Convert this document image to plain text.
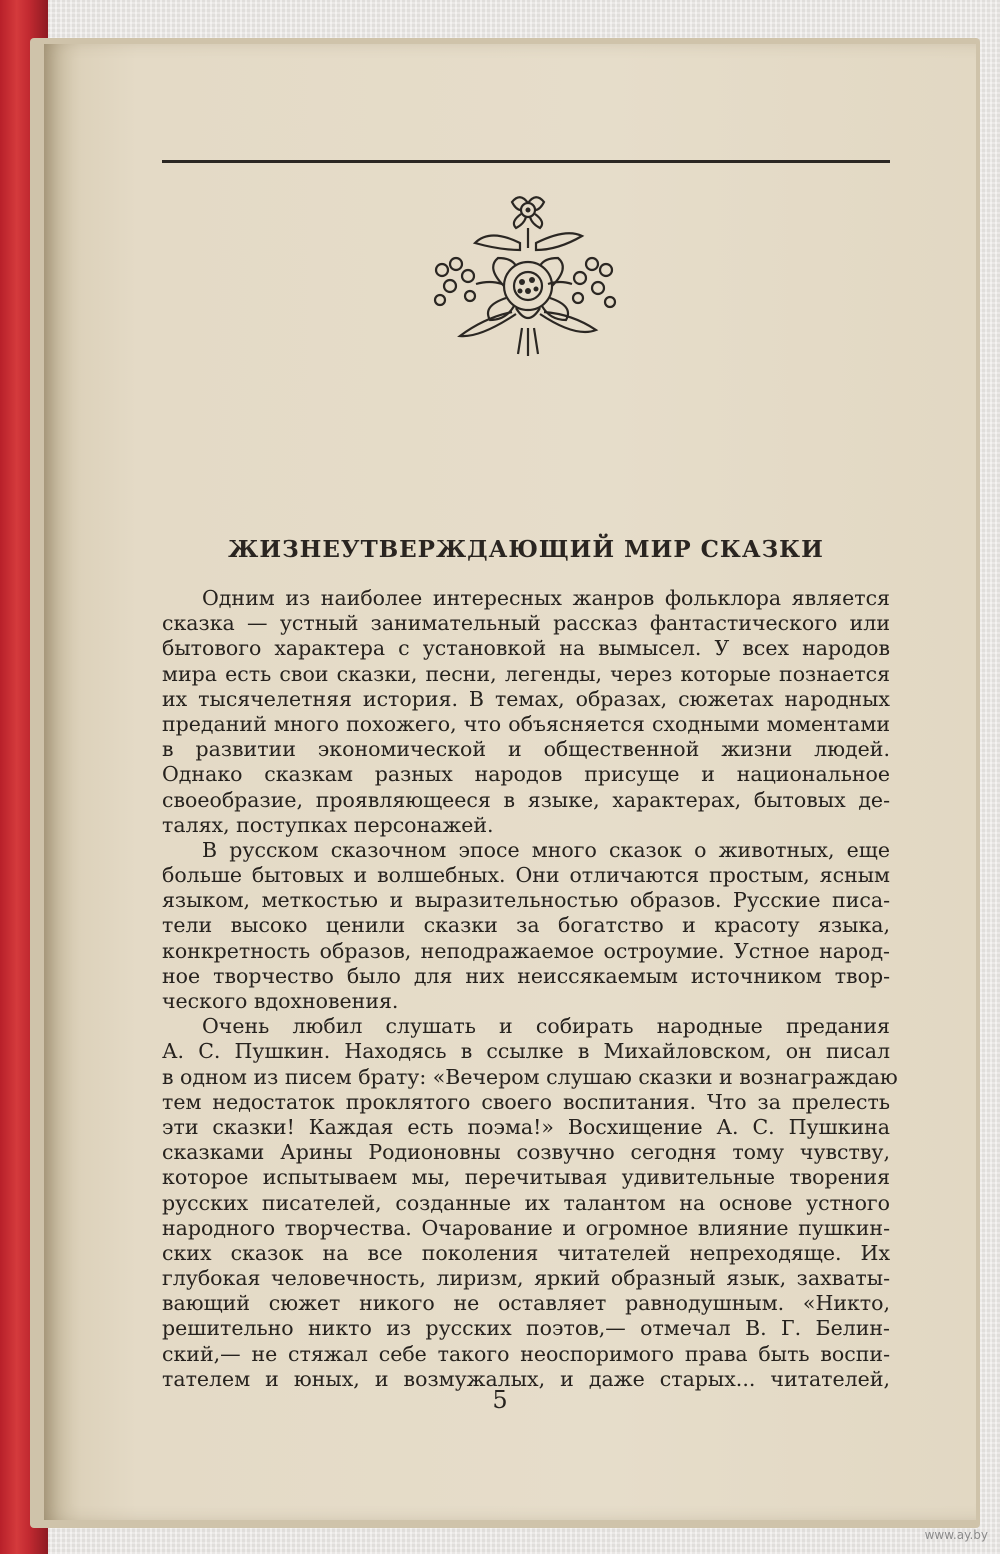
ЖИЗНЕУТВЕРЖДАЮЩИЙ МИР СКАЗКИ
Одним из наиболее интересных жанров фольклора является
сказка — устный занимательный рассказ фантастического или
бытового характера с установкой на вымысел. У всех народов
мира есть свои сказки, песни, легенды, через которые познается
их тысячелетняя история. В темах, образах, сюжетах народных
преданий много похожего, что объясняется сходными моментами
в развитии экономической и общественной жизни людей.
Однако сказкам разных народов присуще и национальное
своеобразие, проявляющееся в языке, характерах, бытовых де-
талях, поступках персонажей.
В русском сказочном эпосе много сказок о животных, еще
больше бытовых и волшебных. Они отличаются простым, ясным
языком, меткостью и выразительностью образов. Русские писа-
тели высоко ценили сказки за богатство и красоту языка,
конкретность образов, неподражаемое остроумие. Устное народ-
ное творчество было для них неиссякаемым источником твор-
ческого вдохновения.
Очень любил слушать и собирать народные предания
А. С. Пушкин. Находясь в ссылке в Михайловском, он писал
в одном из писем брату: «Вечером слушаю сказки и вознаграждаю
тем недостаток проклятого своего воспитания. Что за прелесть
эти сказки! Каждая есть поэма!» Восхищение А. С. Пушкина
сказками Арины Родионовны созвучно сегодня тому чувству,
которое испытываем мы, перечитывая удивительные творения
русских писателей, созданные их талантом на основе устного
народного творчества. Очарование и огромное влияние пушкин-
ских сказок на все поколения читателей непреходяще. Их
глубокая человечность, лиризм, яркий образный язык, захваты-
вающий сюжет никого не оставляет равнодушным. «Никто,
решительно никто из русских поэтов,— отмечал В. Г. Белин-
ский,— не стяжал себе такого неоспоримого права быть воспи-
тателем и юных, и возмужалых, и даже старых... читателей,
5
www.ay.by
